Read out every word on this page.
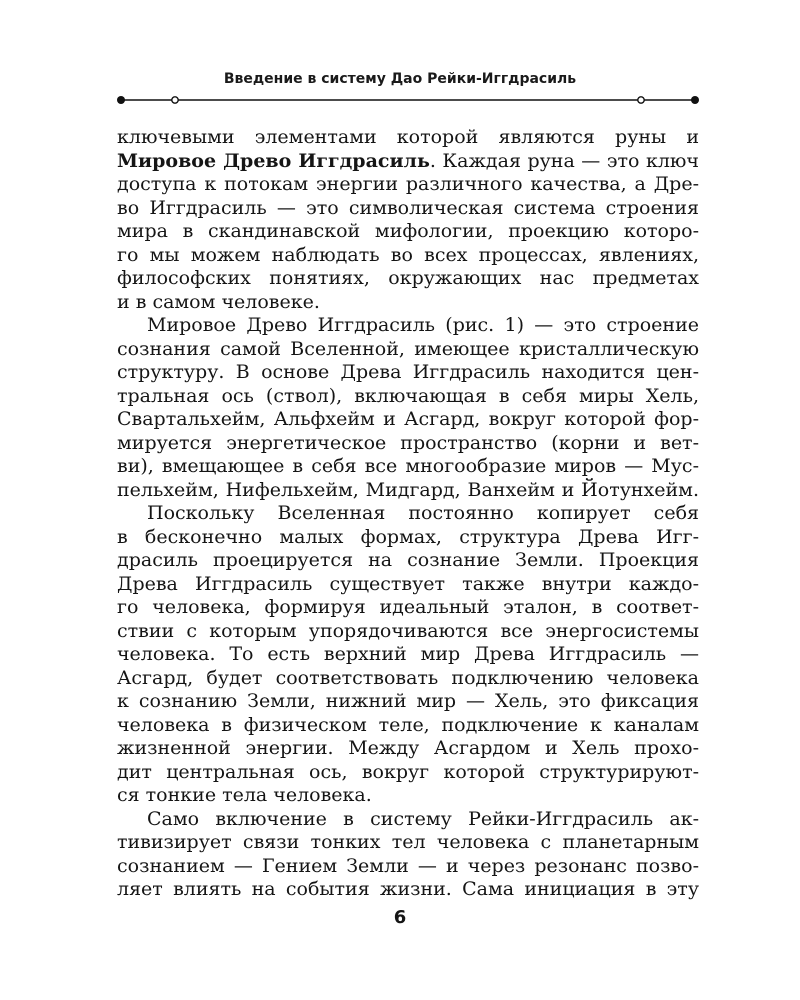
Введение в систему Дао Рейки-Иггдрасиль
ключевыми элементами которой являются руны и
Мировое Древо Иггдрасиль. Каждая руна — это ключ
доступа к потокам энергии различного качества, а Дре-
во Иггдрасиль — это символическая система строения
мира в скандинавской мифологии, проекцию которо-
го мы можем наблюдать во всех процессах, явлениях,
философских понятиях, окружающих нас предметах
и в самом человеке.
Мировое Древо Иггдрасиль (рис. 1) — это строение
сознания самой Вселенной, имеющее кристаллическую
структуру. В основе Древа Иггдрасиль находится цен-
тральная ось (ствол), включающая в себя миры Хель,
Свартальхейм, Альфхейм и Асгард, вокруг которой фор-
мируется энергетическое пространство (корни и вет-
ви), вмещающее в себя все многообразие миров — Мус-
пельхейм, Нифельхейм, Мидгард, Ванхейм и Йотунхейм.
Поскольку Вселенная постоянно копирует себя
в бесконечно малых формах, структура Древа Игг-
драсиль проецируется на сознание Земли. Проекция
Древа Иггдрасиль существует также внутри каждо-
го человека, формируя идеальный эталон, в соответ-
ствии с которым упорядочиваются все энергосистемы
человека. То есть верхний мир Древа Иггдрасиль —
Асгард, будет соответствовать подключению человека
к сознанию Земли, нижний мир — Хель, это фиксация
человека в физическом теле, подключение к каналам
жизненной энергии. Между Асгардом и Хель прохо-
дит центральная ось, вокруг которой структурируют-
ся тонкие тела человека.
Само включение в систему Рейки-Иггдрасиль ак-
тивизирует связи тонких тел человека с планетарным
сознанием — Гением Земли — и через резонанс позво-
ляет влиять на события жизни. Сама инициация в эту
6
